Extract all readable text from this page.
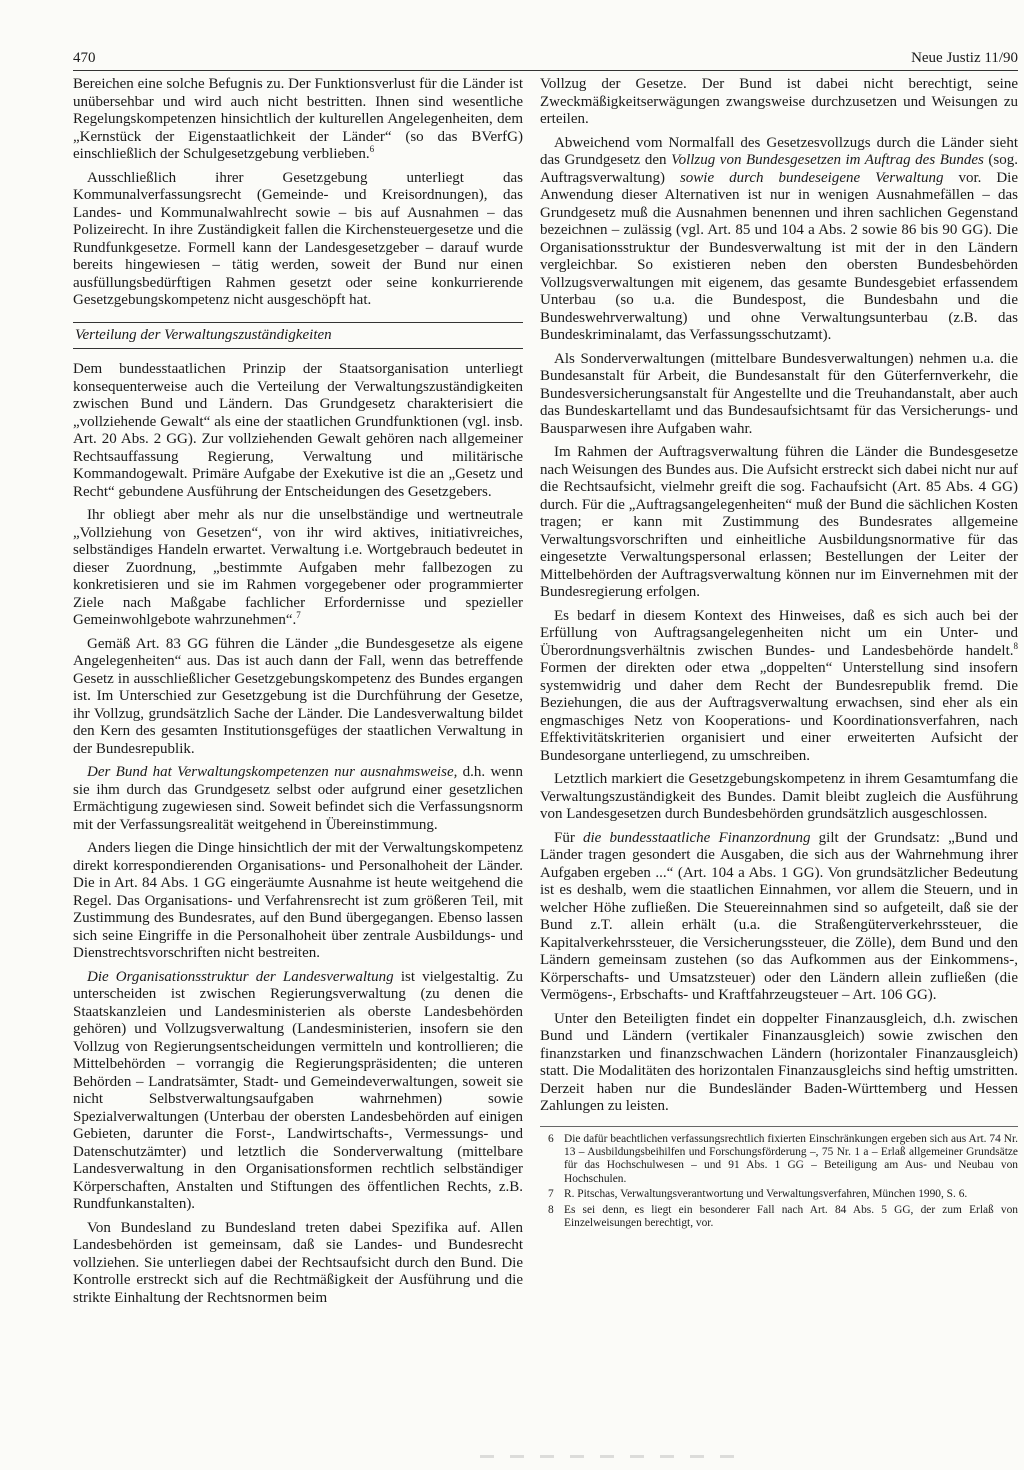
470	Neue Justiz 11/90

Bereichen eine solche Befugnis zu. Der Funktionsverlust für die Länder ist unübersehbar und wird auch nicht bestritten. Ihnen sind wesentliche Regelungskompetenzen hinsichtlich der kulturellen Angelegenheiten, dem „Kernstück der Eigenstaatlichkeit der Länder“ (so das BVerfG) einschließlich der Schulgesetzgebung verblieben.$^6$

Ausschließlich ihrer Gesetzgebung unterliegt das Kommunalverfassungsrecht (Gemeinde- und Kreisordnungen), das Landes- und Kommunalwahlrecht sowie – bis auf Ausnahmen – das Polizeirecht. In ihre Zuständigkeit fallen die Kirchensteuergesetze und die Rundfunkgesetze. Formell kann der Landesgesetzgeber – darauf wurde bereits hingewiesen – tätig werden, soweit der Bund nur einen ausfüllungsbedürftigen Rahmen gesetzt oder seine konkurrierende Gesetzgebungskompetenz nicht ausgeschöpft hat.

Verteilung der Verwaltungszuständigkeiten

Dem bundesstaatlichen Prinzip der Staatsorganisation unterliegt konsequenterweise auch die Verteilung der Verwaltungszuständigkeiten zwischen Bund und Ländern. Das Grundgesetz charakterisiert die „vollziehende Gewalt“ als eine der staatlichen Grundfunktionen (vgl. insb. Art. 20 Abs. 2 GG). Zur vollziehenden Gewalt gehören nach allgemeiner Rechtsauffassung Regierung, Verwaltung und militärische Kommandogewalt. Primäre Aufgabe der Exekutive ist die an „Gesetz und Recht“ gebundene Ausführung der Entscheidungen des Gesetzgebers.

Ihr obliegt aber mehr als nur die unselbständige und wertneutrale „Vollziehung von Gesetzen“, von ihr wird aktives, initiativreiches, selbständiges Handeln erwartet. Verwaltung i.e. Wortgebrauch bedeutet in dieser Zuordnung, „bestimmte Aufgaben mehr fallbezogen zu konkretisieren und sie im Rahmen vorgegebener oder programmierter Ziele nach Maßgabe fachlicher Erfordernisse und spezieller Gemeinwohlgebote wahrzunehmen“.$^7$

Gemäß Art. 83 GG führen die Länder „die Bundesgesetze als eigene Angelegenheiten“ aus. Das ist auch dann der Fall, wenn das betreffende Gesetz in ausschließlicher Gesetzgebungskompetenz des Bundes ergangen ist. Im Unterschied zur Gesetzgebung ist die Durchführung der Gesetze, ihr Vollzug, grundsätzlich Sache der Länder. Die Landesverwaltung bildet den Kern des gesamten Institutionsgefüges der staatlichen Verwaltung in der Bundesrepublik.

Der Bund hat Verwaltungskompetenzen nur ausnahmsweise, d.h. wenn sie ihm durch das Grundgesetz selbst oder aufgrund einer gesetzlichen Ermächtigung zugewiesen sind. Soweit befindet sich die Verfassungsnorm mit der Verfassungsrealität weitgehend in Übereinstimmung.

Anders liegen die Dinge hinsichtlich der mit der Verwaltungskompetenz direkt korrespondierenden Organisations- und Personalhoheit der Länder. Die in Art. 84 Abs. 1 GG eingeräumte Ausnahme ist heute weitgehend die Regel. Das Organisations- und Verfahrensrecht ist zum größeren Teil, mit Zustimmung des Bundesrates, auf den Bund übergegangen. Ebenso lassen sich seine Eingriffe in die Personalhoheit über zentrale Ausbildungs- und Dienstrechtsvorschriften nicht bestreiten.

Die Organisationsstruktur der Landesverwaltung ist vielgestaltig. Zu unterscheiden ist zwischen Regierungsverwaltung (zu denen die Staatskanzleien und Landesministerien als oberste Landesbehörden gehören) und Vollzugsverwaltung (Landesministerien, insofern sie den Vollzug von Regierungsentscheidungen vermitteln und kontrollieren; die Mittelbehörden – vorrangig die Regierungspräsidenten; die unteren Behörden – Landratsämter, Stadt- und Gemeindeverwaltungen, soweit sie nicht Selbstverwaltungsaufgaben wahrnehmen) sowie Spezialverwaltungen (Unterbau der obersten Landesbehörden auf einigen Gebieten, darunter die Forst-, Landwirtschafts-, Vermessungs- und Datenschutzämter) und letztlich die Sonderverwaltung (mittelbare Landesverwaltung in den Organisationsformen rechtlich selbständiger Körperschaften, Anstalten und Stiftungen des öffentlichen Rechts, z.B. Rundfunkanstalten).

Von Bundesland zu Bundesland treten dabei Spezifika auf. Allen Landesbehörden ist gemeinsam, daß sie Landes- und Bundesrecht vollziehen. Sie unterliegen dabei der Rechtsaufsicht durch den Bund. Die Kontrolle erstreckt sich auf die Rechtmäßigkeit der Ausführung und die strikte Einhaltung der Rechtsnormen beim

Vollzug der Gesetze. Der Bund ist dabei nicht berechtigt, seine Zweckmäßigkeitserwägungen zwangsweise durchzusetzen und Weisungen zu erteilen.

Abweichend vom Normalfall des Gesetzesvollzugs durch die Länder sieht das Grundgesetz den Vollzug von Bundesgesetzen im Auftrag des Bundes (sog. Auftragsverwaltung) sowie durch bundeseigene Verwaltung vor. Die Anwendung dieser Alternativen ist nur in wenigen Ausnahmefällen – das Grundgesetz muß die Ausnahmen benennen und ihren sachlichen Gegenstand bezeichnen – zulässig (vgl. Art. 85 und 104 a Abs. 2 sowie 86 bis 90 GG). Die Organisationsstruktur der Bundesverwaltung ist mit der in den Ländern vergleichbar. So existieren neben den obersten Bundesbehörden Vollzugsverwaltungen mit eigenem, das gesamte Bundesgebiet erfassendem Unterbau (so u.a. die Bundespost, die Bundesbahn und die Bundeswehrverwaltung) und ohne Verwaltungsunterbau (z.B. das Bundeskriminalamt, das Verfassungsschutzamt).

Als Sonderverwaltungen (mittelbare Bundesverwaltungen) nehmen u.a. die Bundesanstalt für Arbeit, die Bundesanstalt für den Güterfernverkehr, die Bundesversicherungsanstalt für Angestellte und die Treuhandanstalt, aber auch das Bundeskartellamt und das Bundesaufsichtsamt für das Versicherungs- und Bausparwesen ihre Aufgaben wahr.

Im Rahmen der Auftragsverwaltung führen die Länder die Bundesgesetze nach Weisungen des Bundes aus. Die Aufsicht erstreckt sich dabei nicht nur auf die Rechtsaufsicht, vielmehr greift die sog. Fachaufsicht (Art. 85 Abs. 4 GG) durch. Für die „Auftragsangelegenheiten“ muß der Bund die sächlichen Kosten tragen; er kann mit Zustimmung des Bundesrates allgemeine Verwaltungsvorschriften und einheitliche Ausbildungsnormative für das eingesetzte Verwaltungspersonal erlassen; Bestellungen der Leiter der Mittelbehörden der Auftragsverwaltung können nur im Einvernehmen mit der Bundesregierung erfolgen.

Es bedarf in diesem Kontext des Hinweises, daß es sich auch bei der Erfüllung von Auftragsangelegenheiten nicht um ein Unter- und Überordnungsverhältnis zwischen Bundes- und Landesbehörde handelt.$^8$ Formen der direkten oder etwa „doppelten“ Unterstellung sind insofern systemwidrig und daher dem Recht der Bundesrepublik fremd. Die Beziehungen, die aus der Auftragsverwaltung erwachsen, sind eher als ein engmaschiges Netz von Kooperations- und Koordinationsverfahren, nach Effektivitätskriterien organisiert und einer erweiterten Aufsicht der Bundesorgane unterliegend, zu umschreiben.

Letztlich markiert die Gesetzgebungskompetenz in ihrem Gesamtumfang die Verwaltungszuständigkeit des Bundes. Damit bleibt zugleich die Ausführung von Landesgesetzen durch Bundesbehörden grundsätzlich ausgeschlossen.

Für die bundesstaatliche Finanzordnung gilt der Grundsatz: „Bund und Länder tragen gesondert die Ausgaben, die sich aus der Wahrnehmung ihrer Aufgaben ergeben ...“ (Art. 104 a Abs. 1 GG). Von grundsätzlicher Bedeutung ist es deshalb, wem die staatlichen Einnahmen, vor allem die Steuern, und in welcher Höhe zufließen. Die Steuereinnahmen sind so aufgeteilt, daß sie der Bund z.T. allein erhält (u.a. die Straßengüterverkehrssteuer, die Kapitalverkehrssteuer, die Versicherungssteuer, die Zölle), dem Bund und den Ländern gemeinsam zustehen (so das Aufkommen aus der Einkommens-, Körperschafts- und Umsatzsteuer) oder den Ländern allein zufließen (die Vermögens-, Erbschafts- und Kraftfahrzeugsteuer – Art. 106 GG).

Unter den Beteiligten findet ein doppelter Finanzausgleich, d.h. zwischen Bund und Ländern (vertikaler Finanzausgleich) sowie zwischen den finanzstarken und finanzschwachen Ländern (horizontaler Finanzausgleich) statt. Die Modalitäten des horizontalen Finanzausgleichs sind heftig umstritten. Derzeit haben nur die Bundesländer Baden-Württemberg und Hessen Zahlungen zu leisten.

6 Die dafür beachtlichen verfassungsrechtlich fixierten Einschränkungen ergeben sich aus Art. 74 Nr. 13 – Ausbildungsbeihilfen und Forschungsförderung –, 75 Nr. 1 a – Erlaß allgemeiner Grundsätze für das Hochschulwesen – und 91 Abs. 1 GG – Beteiligung am Aus- und Neubau von Hochschulen.
7 R. Pitschas, Verwaltungsverantwortung und Verwaltungsverfahren, München 1990, S. 6.
8 Es sei denn, es liegt ein besonderer Fall nach Art. 84 Abs. 5 GG, der zum Erlaß von Einzelweisungen berechtigt, vor.
